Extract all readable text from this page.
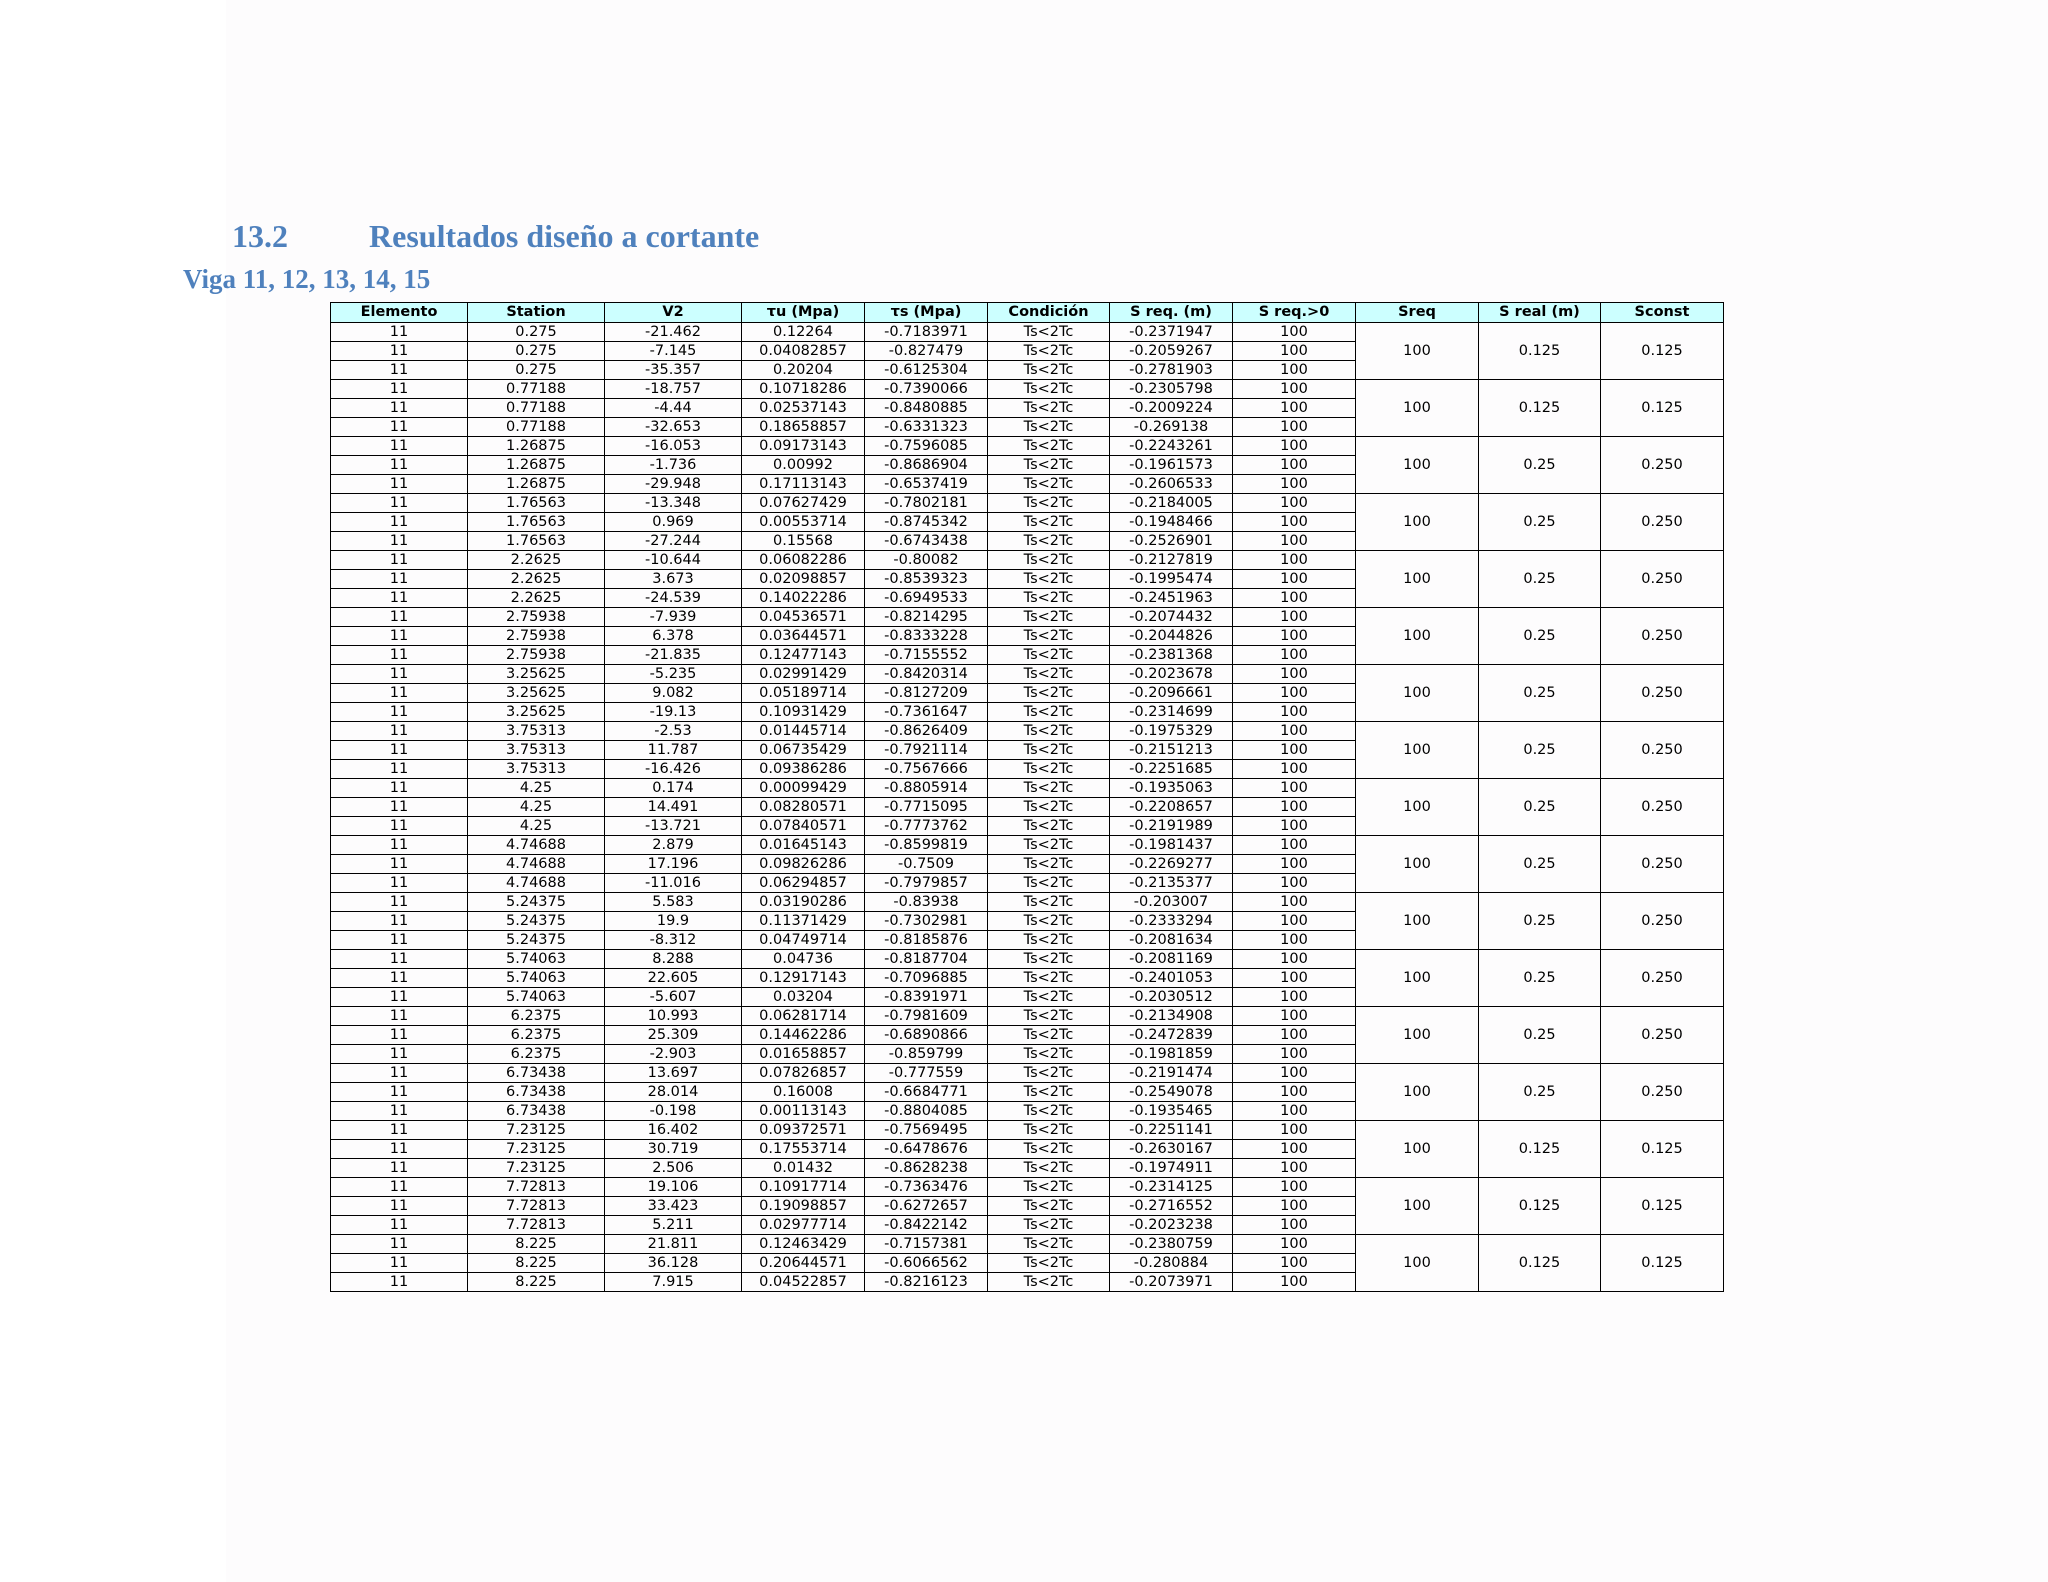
13.2	Resultados diseño a cortante
Viga 11, 12, 13, 14, 15
Elemento	Station	V2	τu (Mpa)	τs (Mpa)	Condición	S req. (m)	S req.>0	Sreq	S real (m)	Sconst
11	0.275	-21.462	0.12264	-0.7183971	Ts<2Tc	-0.2371947	100	100	0.125	0.125
11	0.275	-7.145	0.04082857	-0.827479	Ts<2Tc	-0.2059267	100			
11	0.275	-35.357	0.20204	-0.6125304	Ts<2Tc	-0.2781903	100			
11	0.77188	-18.757	0.10718286	-0.7390066	Ts<2Tc	-0.2305798	100	100	0.125	0.125
11	0.77188	-4.44	0.02537143	-0.8480885	Ts<2Tc	-0.2009224	100			
11	0.77188	-32.653	0.18658857	-0.6331323	Ts<2Tc	-0.269138	100			
11	1.26875	-16.053	0.09173143	-0.7596085	Ts<2Tc	-0.2243261	100	100	0.25	0.250
11	1.26875	-1.736	0.00992	-0.8686904	Ts<2Tc	-0.1961573	100			
11	1.26875	-29.948	0.17113143	-0.6537419	Ts<2Tc	-0.2606533	100			
11	1.76563	-13.348	0.07627429	-0.7802181	Ts<2Tc	-0.2184005	100	100	0.25	0.250
11	1.76563	0.969	0.00553714	-0.8745342	Ts<2Tc	-0.1948466	100			
11	1.76563	-27.244	0.15568	-0.6743438	Ts<2Tc	-0.2526901	100			
11	2.2625	-10.644	0.06082286	-0.80082	Ts<2Tc	-0.2127819	100	100	0.25	0.250
11	2.2625	3.673	0.02098857	-0.8539323	Ts<2Tc	-0.1995474	100			
11	2.2625	-24.539	0.14022286	-0.6949533	Ts<2Tc	-0.2451963	100			
11	2.75938	-7.939	0.04536571	-0.8214295	Ts<2Tc	-0.2074432	100	100	0.25	0.250
11	2.75938	6.378	0.03644571	-0.8333228	Ts<2Tc	-0.2044826	100			
11	2.75938	-21.835	0.12477143	-0.7155552	Ts<2Tc	-0.2381368	100			
11	3.25625	-5.235	0.02991429	-0.8420314	Ts<2Tc	-0.2023678	100	100	0.25	0.250
11	3.25625	9.082	0.05189714	-0.8127209	Ts<2Tc	-0.2096661	100			
11	3.25625	-19.13	0.10931429	-0.7361647	Ts<2Tc	-0.2314699	100			
11	3.75313	-2.53	0.01445714	-0.8626409	Ts<2Tc	-0.1975329	100	100	0.25	0.250
11	3.75313	11.787	0.06735429	-0.7921114	Ts<2Tc	-0.2151213	100			
11	3.75313	-16.426	0.09386286	-0.7567666	Ts<2Tc	-0.2251685	100			
11	4.25	0.174	0.00099429	-0.8805914	Ts<2Tc	-0.1935063	100	100	0.25	0.250
11	4.25	14.491	0.08280571	-0.7715095	Ts<2Tc	-0.2208657	100			
11	4.25	-13.721	0.07840571	-0.7773762	Ts<2Tc	-0.2191989	100			
11	4.74688	2.879	0.01645143	-0.8599819	Ts<2Tc	-0.1981437	100	100	0.25	0.250
11	4.74688	17.196	0.09826286	-0.7509	Ts<2Tc	-0.2269277	100			
11	4.74688	-11.016	0.06294857	-0.7979857	Ts<2Tc	-0.2135377	100			
11	5.24375	5.583	0.03190286	-0.83938	Ts<2Tc	-0.203007	100	100	0.25	0.250
11	5.24375	19.9	0.11371429	-0.7302981	Ts<2Tc	-0.2333294	100			
11	5.24375	-8.312	0.04749714	-0.8185876	Ts<2Tc	-0.2081634	100			
11	5.74063	8.288	0.04736	-0.8187704	Ts<2Tc	-0.2081169	100	100	0.25	0.250
11	5.74063	22.605	0.12917143	-0.7096885	Ts<2Tc	-0.2401053	100			
11	5.74063	-5.607	0.03204	-0.8391971	Ts<2Tc	-0.2030512	100			
11	6.2375	10.993	0.06281714	-0.7981609	Ts<2Tc	-0.2134908	100	100	0.25	0.250
11	6.2375	25.309	0.14462286	-0.6890866	Ts<2Tc	-0.2472839	100			
11	6.2375	-2.903	0.01658857	-0.859799	Ts<2Tc	-0.1981859	100			
11	6.73438	13.697	0.07826857	-0.777559	Ts<2Tc	-0.2191474	100	100	0.25	0.250
11	6.73438	28.014	0.16008	-0.6684771	Ts<2Tc	-0.2549078	100			
11	6.73438	-0.198	0.00113143	-0.8804085	Ts<2Tc	-0.1935465	100			
11	7.23125	16.402	0.09372571	-0.7569495	Ts<2Tc	-0.2251141	100	100	0.125	0.125
11	7.23125	30.719	0.17553714	-0.6478676	Ts<2Tc	-0.2630167	100			
11	7.23125	2.506	0.01432	-0.8628238	Ts<2Tc	-0.1974911	100			
11	7.72813	19.106	0.10917714	-0.7363476	Ts<2Tc	-0.2314125	100	100	0.125	0.125
11	7.72813	33.423	0.19098857	-0.6272657	Ts<2Tc	-0.2716552	100			
11	7.72813	5.211	0.02977714	-0.8422142	Ts<2Tc	-0.2023238	100			
11	8.225	21.811	0.12463429	-0.7157381	Ts<2Tc	-0.2380759	100	100	0.125	0.125
11	8.225	36.128	0.20644571	-0.6066562	Ts<2Tc	-0.280884	100			
11	8.225	7.915	0.04522857	-0.8216123	Ts<2Tc	-0.2073971	100			
